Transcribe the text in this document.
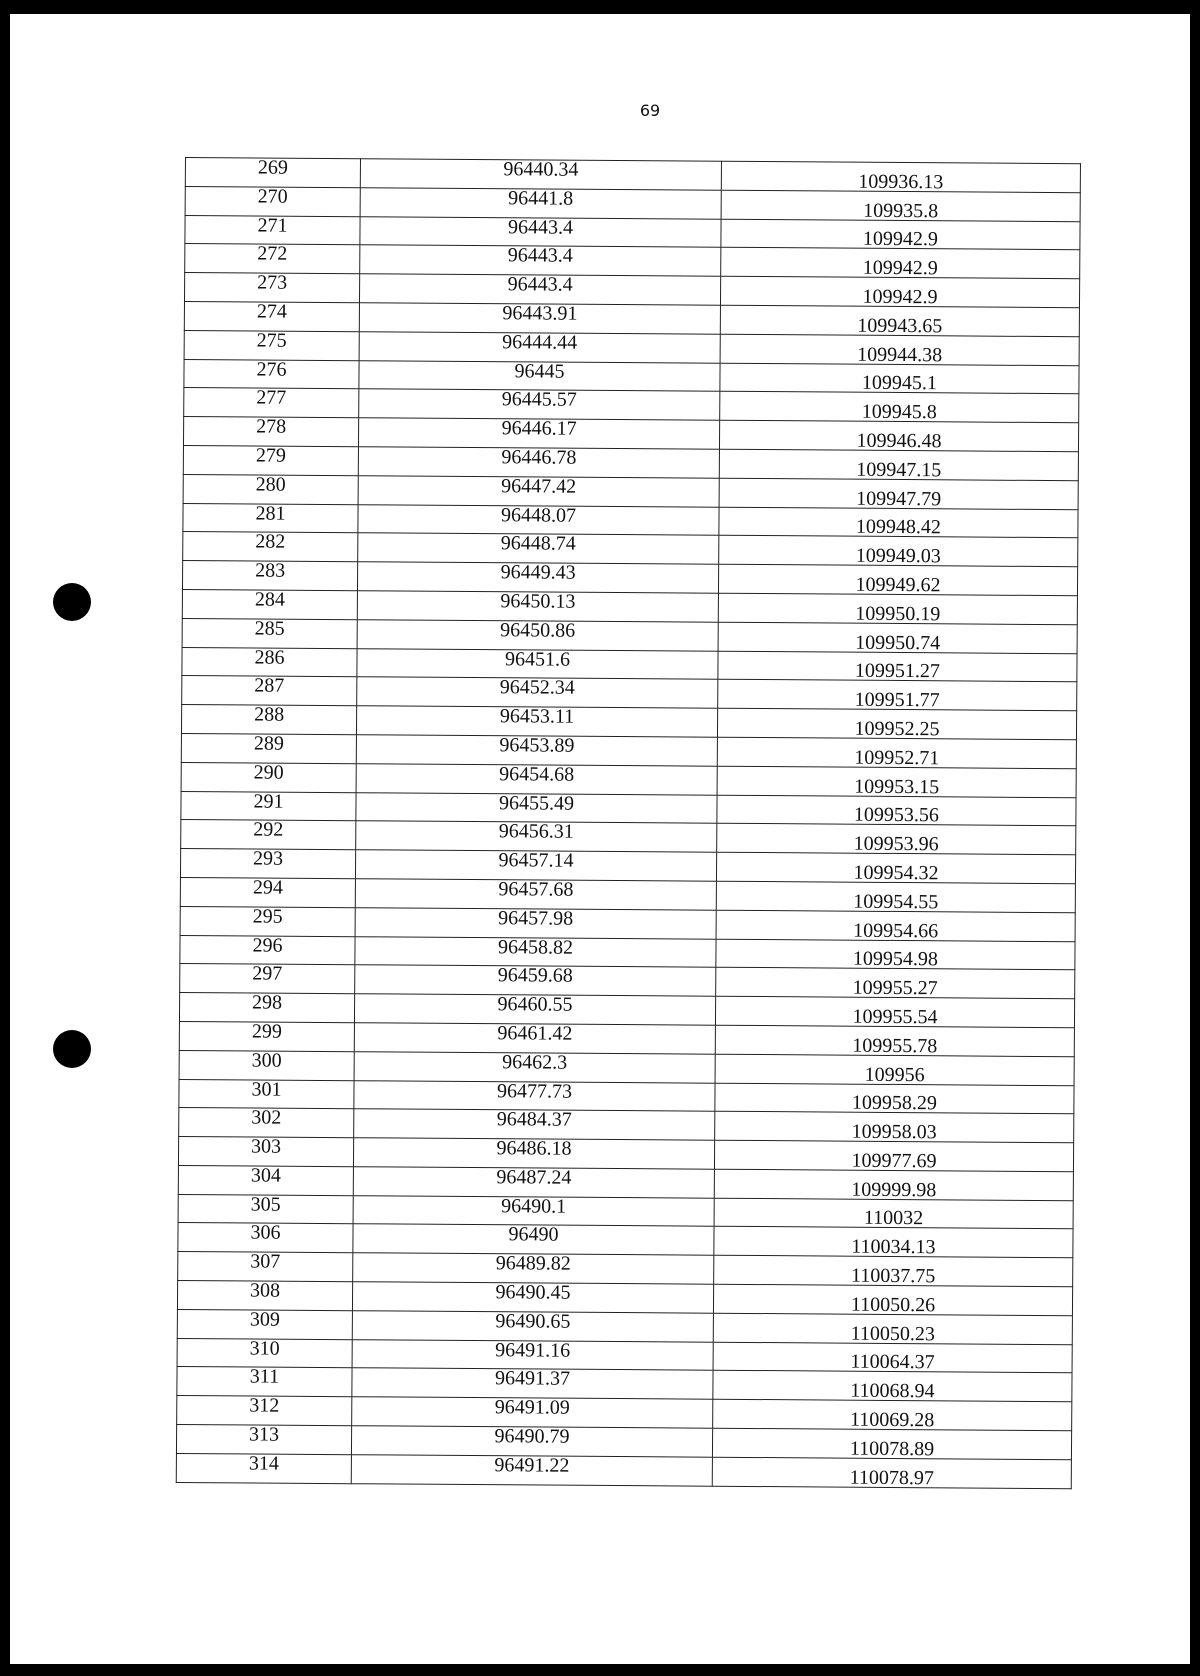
69
269	96440.34	109936.13
270	96441.8	109935.8
271	96443.4	109942.9
272	96443.4	109942.9
273	96443.4	109942.9
274	96443.91	109943.65
275	96444.44	109944.38
276	96445	109945.1
277	96445.57	109945.8
278	96446.17	109946.48
279	96446.78	109947.15
280	96447.42	109947.79
281	96448.07	109948.42
282	96448.74	109949.03
283	96449.43	109949.62
284	96450.13	109950.19
285	96450.86	109950.74
286	96451.6	109951.27
287	96452.34	109951.77
288	96453.11	109952.25
289	96453.89	109952.71
290	96454.68	109953.15
291	96455.49	109953.56
292	96456.31	109953.96
293	96457.14	109954.32
294	96457.68	109954.55
295	96457.98	109954.66
296	96458.82	109954.98
297	96459.68	109955.27
298	96460.55	109955.54
299	96461.42	109955.78
300	96462.3	109956
301	96477.73	109958.29
302	96484.37	109958.03
303	96486.18	109977.69
304	96487.24	109999.98
305	96490.1	110032
306	96490	110034.13
307	96489.82	110037.75
308	96490.45	110050.26
309	96490.65	110050.23
310	96491.16	110064.37
311	96491.37	110068.94
312	96491.09	110069.28
313	96490.79	110078.89
314	96491.22	110078.97
